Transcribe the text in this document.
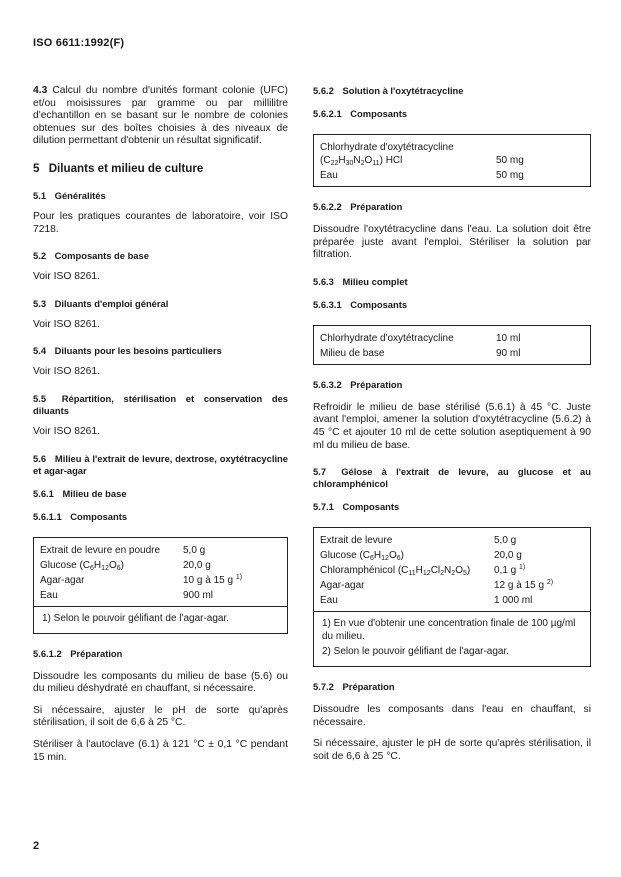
ISO 6611:1992(F)

4.3 Calcul du nombre d'unités formant colonie (UFC) et/ou moisissures par gramme ou par millilitre d'echantillon en se basant sur le nombre de colonies obtenues sur des boîtes choisies à des niveaux de dilution permettant d'obtenir un résultat significatif.

5 Diluants et milieu de culture
5.1 Généralités

Pour les pratiques courantes de laboratoire, voir ISO 7218.

5.2 Composants de base

Voir ISO 8261.

5.3 Diluants d'emploi général

Voir ISO 8261.

5.4 Diluants pour les besoins particuliers

Voir ISO 8261.

5.5 Répartition, stérilisation et conservation des diluants

Voir ISO 8261.

5.6 Milieu à l'extrait de levure, dextrose, oxytétracycline et agar-agar
5.6.1 Milieu de base
5.6.1.1 Composants
Extrait de levure en poudre	5,0 g
Glucose $(C_6H_{12}O_6)$	20,0 g
Agar-agar	10 g à 15 g $^{1)}$
Eau	900 ml
1) Selon le pouvoir gélifiant de l'agar-agar.
5.6.1.2 Préparation

Dissoudre les composants du milieu de base (5.6) ou du milieu déshydraté en chauffant, si nécessaire.

Si nécessaire, ajuster le pH de sorte qu'après stérilisation, il soit de 6,6 à 25 °C.

Stériliser à l'autoclave (6.1) à 121 °C ± 0,1 °C pendant 15 min.

5.6.2 Solution à l'oxytétracycline
5.6.2.1 Composants
Chlorhydrate d'oxytétracycline
$(C_{22}H_{30}N_2O_{11})$ HCl	50 mg
Eau	50 mg
5.6.2.2 Préparation

Dissoudre l'oxytétracycline dans l'eau. La solution doit être préparée juste avant l'emploi. Stériliser la solution par filtration.

5.6.3 Milieu complet
5.6.3.1 Composants
Chlorhydrate d'oxytétracycline	10 ml
Milieu de base	90 ml
5.6.3.2 Préparation

Refroidir le milieu de base stérilisé (5.6.1) à 45 °C. Juste avant l'emploi, amener la solution d'oxytétracycline (5.6.2) à 45 °C et ajouter 10 ml de cette solution aseptiquement à 90 ml du milieu de base.

5.7 Gélose à l'extrait de levure, au glucose et au chloramphénicol
5.7.1 Composants
Extrait de levure	5,0 g
Glucose $(C_6H_{12}O_6)$	20,0 g
Chloramphénicol $(C_{11}H_{12}Cl_2N_2O_5)$	0,1 g $^{1)}$
Agar-agar	12 g à 15 g $^{2)}$
Eau	1 000 ml
1) En vue d'obtenir une concentration finale de 100 µg/ml du milieu.
2) Selon le pouvoir gélifiant de l'agar-agar.
5.7.2 Préparation

Dissoudre les composants dans l'eau en chauffant, si nécessaire.

Si nécessaire, ajuster le pH de sorte qu'après stérilisation, il soit de 6,6 à 25 °C.

2
